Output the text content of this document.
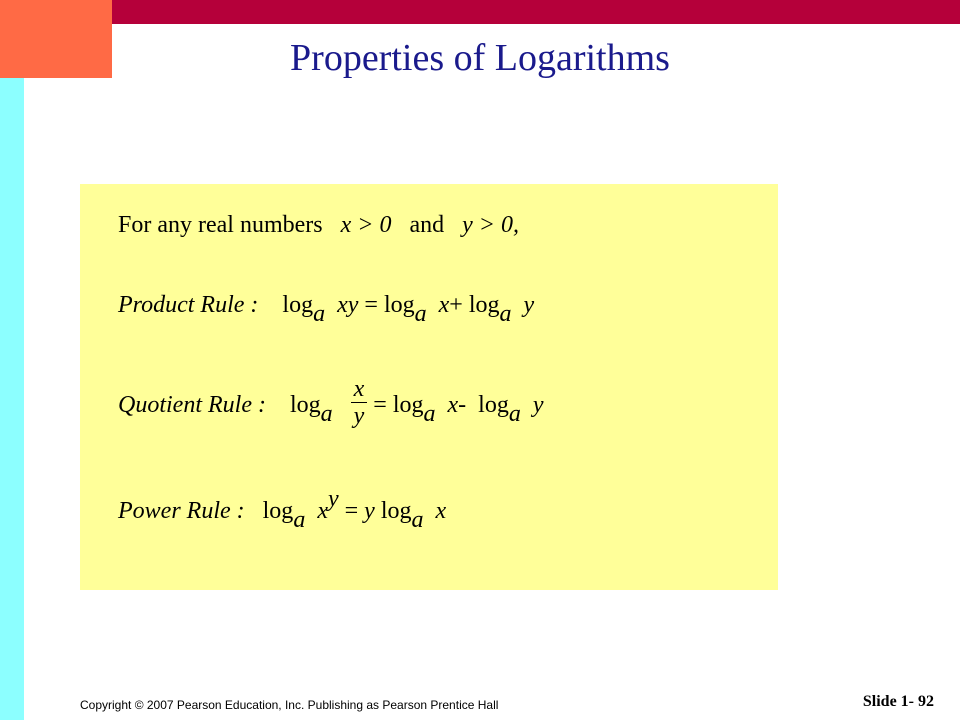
Properties of Logarithms
For any real numbers x > 0 and y > 0,
Product Rule : loga xy = loga x+ loga y
Quotient Rule : loga $\frac{x}{y} = \log a$ x- loga y
Power Rule : loga xy = y loga x
Copyright © 2007 Pearson Education, Inc. Publishing as Pearson Prentice Hall	Slide 1- 92
